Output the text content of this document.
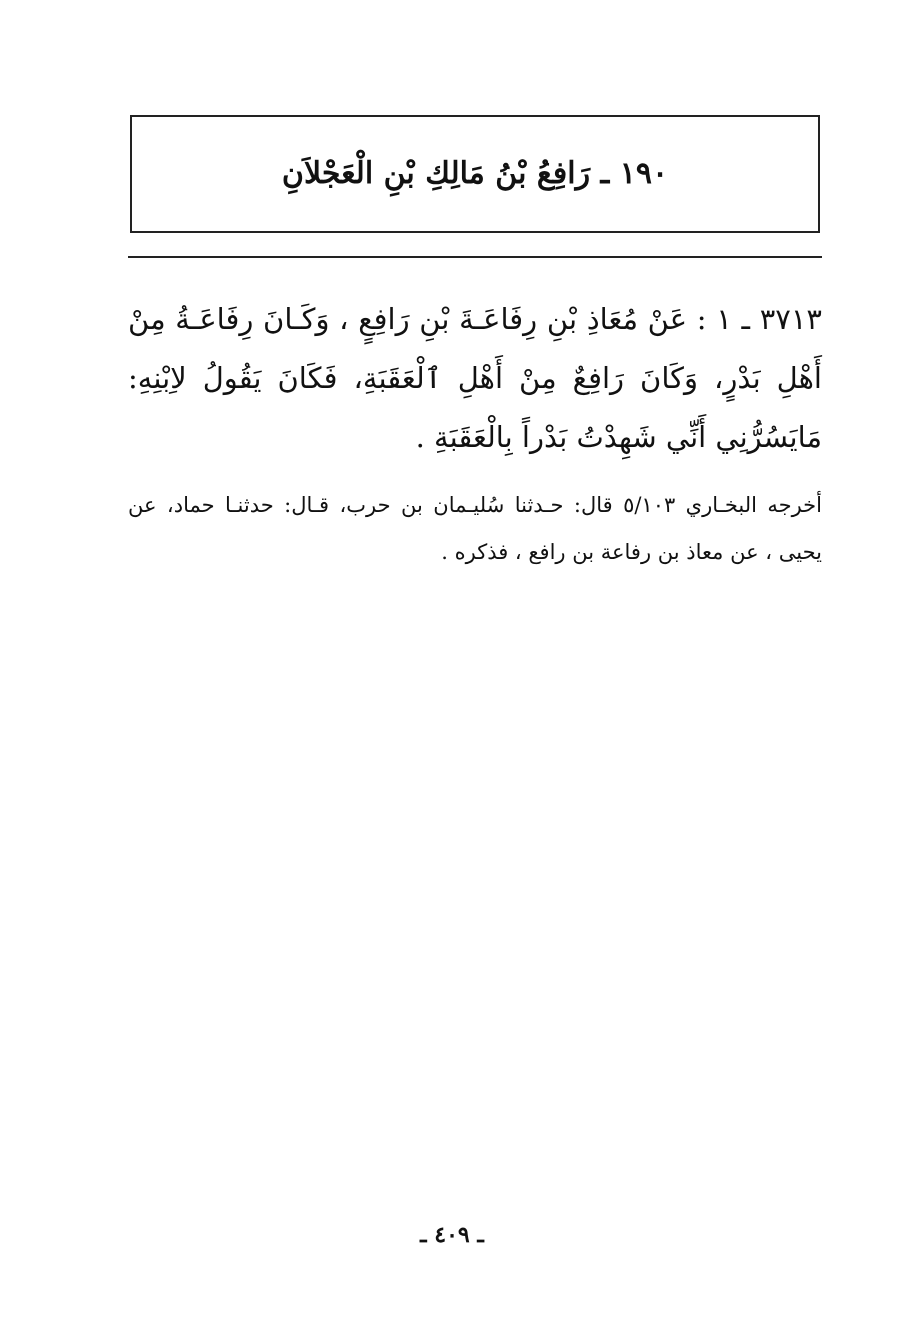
١٩٠ ـ رَافِعُ بْنُ مَالِكِ بْنِ الْعَجْلاَنِ

٣٧١٣ ـ ١ : عَنْ مُعَاذِ بْنِ رِفَاعَـةَ بْنِ رَافِعٍ ، وَكَـانَ رِفَاعَـةُ مِنْ أَهْلِ بَدْرٍ، وَكَانَ رَافِعٌ مِنْ أَهْلِ ٱلْعَقَبَةِ، فَكَانَ يَقُولُ لاِبْنِهِ: مَايَسُرُّنِي أَنِّي شَهِدْتُ بَدْراً بِالْعَقَبَةِ .

أخرجه البخـاري ٥/١٠٣ قال: حـدثنا سُليـمان بن حرب، قـال: حدثنـا حماد، عن يحيى ، عن معاذ بن رفاعة بن رافع ، فذكره .

ـ ٤٠٩ ـ
